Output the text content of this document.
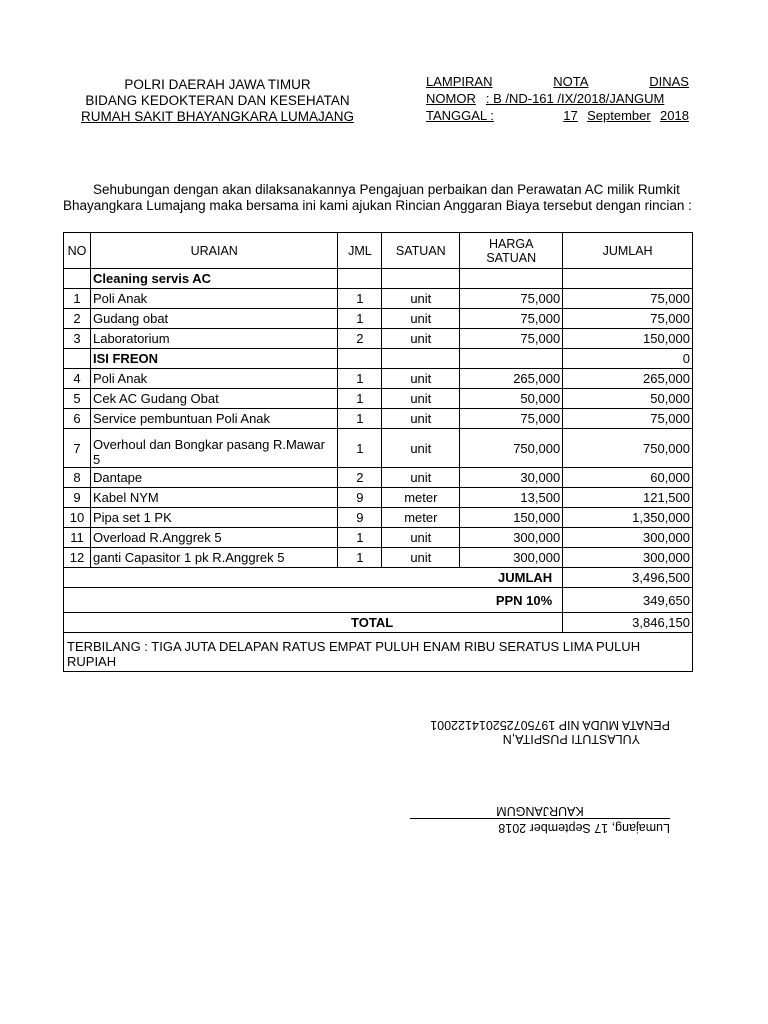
POLRI DAERAH JAWA TIMUR
BIDANG KEDOKTERAN DAN KESEHATAN
RUMAH SAKIT BHAYANGKARA LUMAJANG
LAMPIRAN	NOTA	DINAS
NOMOR : B /ND-161 /IX/2018/JANGUM
TANGGAL :	17 September 2018
Sehubungan dengan akan dilaksanakannya Pengajuan perbaikan dan Perawatan AC milik Rumkit Bhayangkara Lumajang maka bersama ini kami ajukan Rincian Anggaran Biaya tersebut dengan rincian :
NO	URAIAN	JML	SATUAN	HARGA SATUAN	JUMLAH
	Cleaning servis AC				
1	Poli Anak	1	unit	75,000	75,000
2	Gudang obat	1	unit	75,000	75,000
3	Laboratorium	2	unit	75,000	150,000
	ISI FREON				0
4	Poli Anak	1	unit	265,000	265,000
5	Cek AC Gudang Obat	1	unit	50,000	50,000
6	Service pembuntuan Poli Anak	1	unit	75,000	75,000
7	Overhoul dan Bongkar pasang R.Mawar 5	1	unit	750,000	750,000
8	Dantape	2	unit	30,000	60,000
9	Kabel NYM	9	meter	13,500	121,500
10	Pipa set 1 PK	9	meter	150,000	1,350,000
11	Overload R.Anggrek 5	1	unit	300,000	300,000
12	ganti Capasitor 1 pk R.Anggrek 5	1	unit	300,000	300,000
	JUMLAH				3,496,500
	PPN 10%				349,650
TOTAL					3,846,150
TERBILANG : TIGA JUTA DELAPAN RATUS EMPAT PULUH ENAM RIBU SERATUS LIMA PULUH RUPIAH					
Lumajang, 17 September 2018
KAURJANGUM
YULASTUTI PUSPITA,N
PENATA MUDA NIP 197507252014122001
